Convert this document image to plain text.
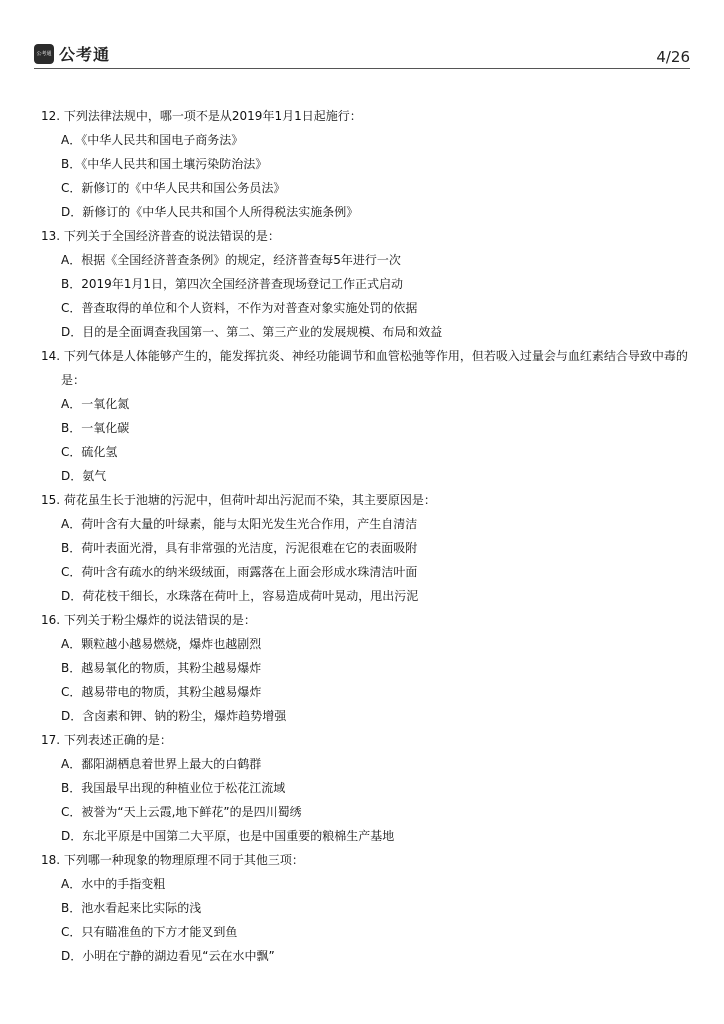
公考通 公考通	4/26
12. 下列法律法规中，哪一项不是从2019年1月1日起施行：
A．《中华人民共和国电子商务法》
B．《中华人民共和国土壤污染防治法》
C．新修订的《中华人民共和国公务员法》
D．新修订的《中华人民共和国个人所得税法实施条例》
13. 下列关于全国经济普查的说法错误的是：
A．根据《全国经济普查条例》的规定，经济普查每5年进行一次
B．2019年1月1日，第四次全国经济普查现场登记工作正式启动
C．普查取得的单位和个人资料，不作为对普查对象实施处罚的依据
D．目的是全面调查我国第一、第二、第三产业的发展规模、布局和效益
14. 下列气体是人体能够产生的，能发挥抗炎、神经功能调节和血管松弛等作用，但若吸入过量会与血红素结合导致中毒的
是：
A．一氧化氮
B．一氧化碳
C．硫化氢
D．氨气
15. 荷花虽生长于池塘的污泥中，但荷叶却出污泥而不染，其主要原因是：
A．荷叶含有大量的叶绿素，能与太阳光发生光合作用，产生自清洁
B．荷叶表面光滑，具有非常强的光洁度，污泥很难在它的表面吸附
C．荷叶含有疏水的纳米级绒面，雨露落在上面会形成水珠清洁叶面
D．荷花枝干细长，水珠落在荷叶上，容易造成荷叶晃动，甩出污泥
16. 下列关于粉尘爆炸的说法错误的是：
A．颗粒越小越易燃烧，爆炸也越剧烈
B．越易氧化的物质，其粉尘越易爆炸
C．越易带电的物质，其粉尘越易爆炸
D．含卤素和钾、钠的粉尘，爆炸趋势增强
17. 下列表述正确的是：
A．鄱阳湖栖息着世界上最大的白鹤群
B．我国最早出现的种植业位于松花江流域
C．被誉为“天上云霞,地下鲜花”的是四川蜀绣
D．东北平原是中国第二大平原，也是中国重要的粮棉生产基地
18. 下列哪一种现象的物理原理不同于其他三项：
A．水中的手指变粗
B．池水看起来比实际的浅
C．只有瞄准鱼的下方才能叉到鱼
D．小明在宁静的湖边看见“云在水中飘”
